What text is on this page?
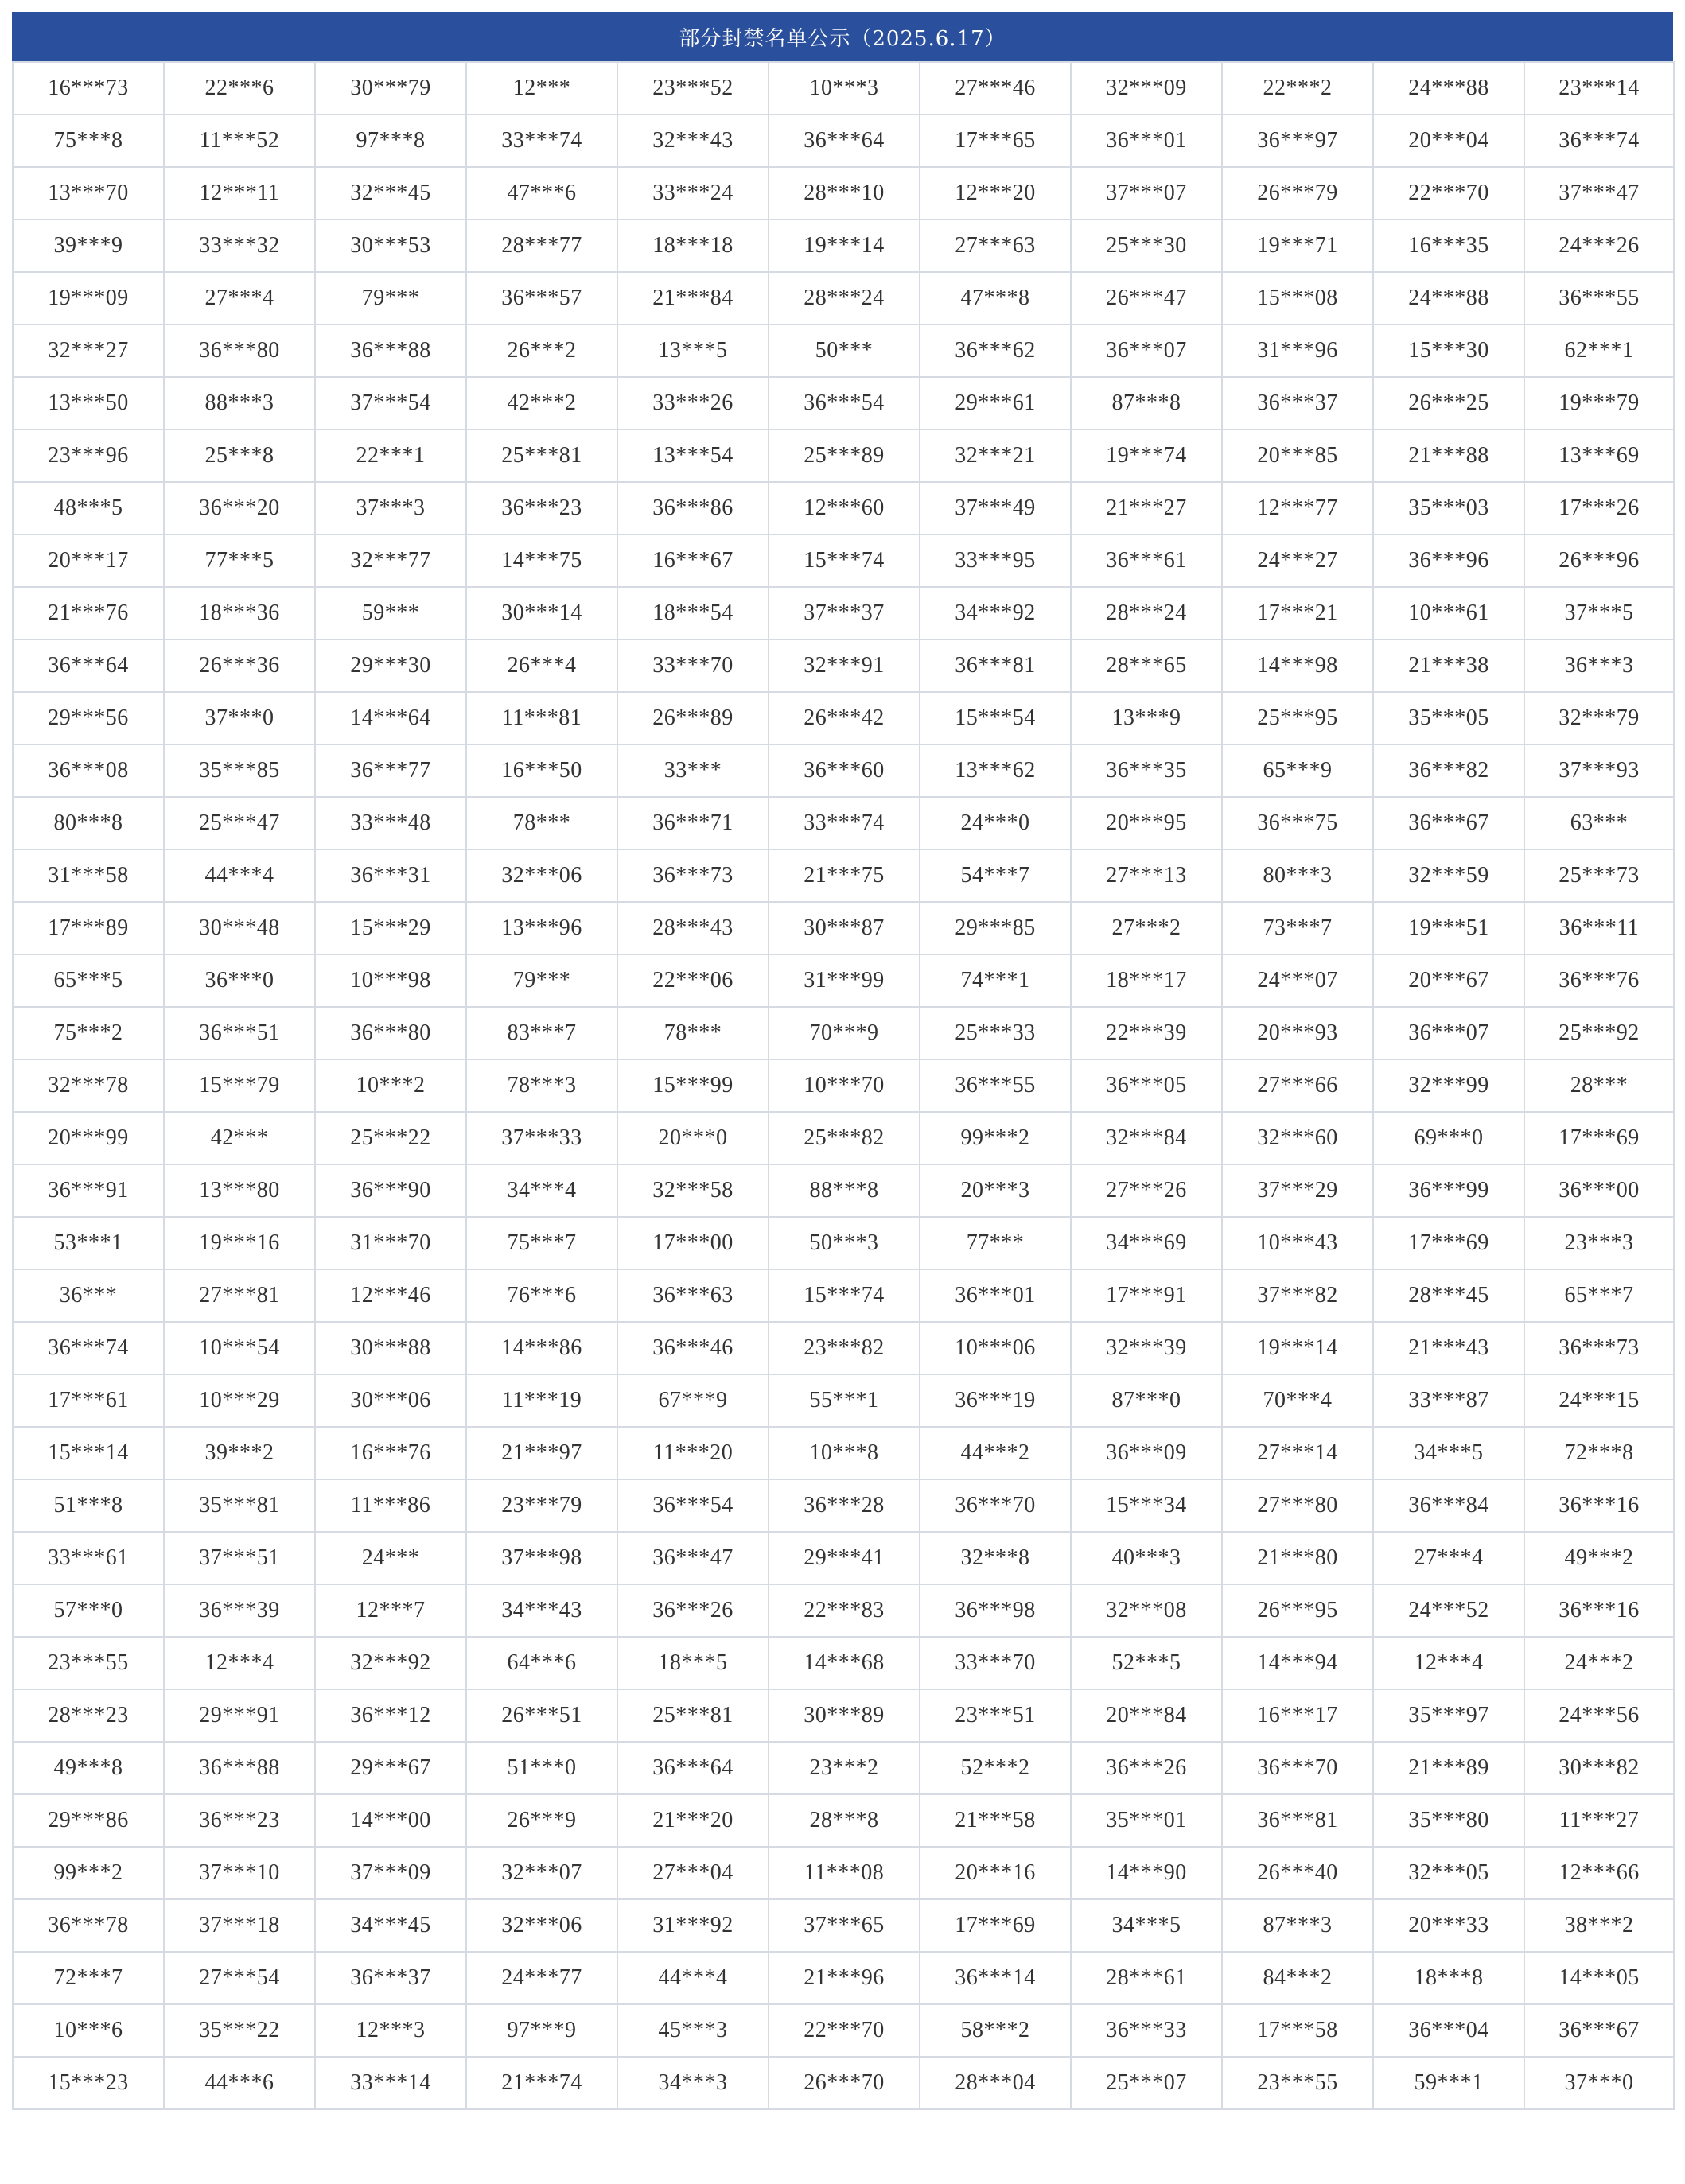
部分封禁名单公示（2025.6.17）
16***73	22***6	30***79	12***	23***52	10***3	27***46	32***09	22***2	24***88	23***14
75***8	11***52	97***8	33***74	32***43	36***64	17***65	36***01	36***97	20***04	36***74
13***70	12***11	32***45	47***6	33***24	28***10	12***20	37***07	26***79	22***70	37***47
39***9	33***32	30***53	28***77	18***18	19***14	27***63	25***30	19***71	16***35	24***26
19***09	27***4	79***	36***57	21***84	28***24	47***8	26***47	15***08	24***88	36***55
32***27	36***80	36***88	26***2	13***5	50***	36***62	36***07	31***96	15***30	62***1
13***50	88***3	37***54	42***2	33***26	36***54	29***61	87***8	36***37	26***25	19***79
23***96	25***8	22***1	25***81	13***54	25***89	32***21	19***74	20***85	21***88	13***69
48***5	36***20	37***3	36***23	36***86	12***60	37***49	21***27	12***77	35***03	17***26
20***17	77***5	32***77	14***75	16***67	15***74	33***95	36***61	24***27	36***96	26***96
21***76	18***36	59***	30***14	18***54	37***37	34***92	28***24	17***21	10***61	37***5
36***64	26***36	29***30	26***4	33***70	32***91	36***81	28***65	14***98	21***38	36***3
29***56	37***0	14***64	11***81	26***89	26***42	15***54	13***9	25***95	35***05	32***79
36***08	35***85	36***77	16***50	33***	36***60	13***62	36***35	65***9	36***82	37***93
80***8	25***47	33***48	78***	36***71	33***74	24***0	20***95	36***75	36***67	63***
31***58	44***4	36***31	32***06	36***73	21***75	54***7	27***13	80***3	32***59	25***73
17***89	30***48	15***29	13***96	28***43	30***87	29***85	27***2	73***7	19***51	36***11
65***5	36***0	10***98	79***	22***06	31***99	74***1	18***17	24***07	20***67	36***76
75***2	36***51	36***80	83***7	78***	70***9	25***33	22***39	20***93	36***07	25***92
32***78	15***79	10***2	78***3	15***99	10***70	36***55	36***05	27***66	32***99	28***
20***99	42***	25***22	37***33	20***0	25***82	99***2	32***84	32***60	69***0	17***69
36***91	13***80	36***90	34***4	32***58	88***8	20***3	27***26	37***29	36***99	36***00
53***1	19***16	31***70	75***7	17***00	50***3	77***	34***69	10***43	17***69	23***3
36***	27***81	12***46	76***6	36***63	15***74	36***01	17***91	37***82	28***45	65***7
36***74	10***54	30***88	14***86	36***46	23***82	10***06	32***39	19***14	21***43	36***73
17***61	10***29	30***06	11***19	67***9	55***1	36***19	87***0	70***4	33***87	24***15
15***14	39***2	16***76	21***97	11***20	10***8	44***2	36***09	27***14	34***5	72***8
51***8	35***81	11***86	23***79	36***54	36***28	36***70	15***34	27***80	36***84	36***16
33***61	37***51	24***	37***98	36***47	29***41	32***8	40***3	21***80	27***4	49***2
57***0	36***39	12***7	34***43	36***26	22***83	36***98	32***08	26***95	24***52	36***16
23***55	12***4	32***92	64***6	18***5	14***68	33***70	52***5	14***94	12***4	24***2
28***23	29***91	36***12	26***51	25***81	30***89	23***51	20***84	16***17	35***97	24***56
49***8	36***88	29***67	51***0	36***64	23***2	52***2	36***26	36***70	21***89	30***82
29***86	36***23	14***00	26***9	21***20	28***8	21***58	35***01	36***81	35***80	11***27
99***2	37***10	37***09	32***07	27***04	11***08	20***16	14***90	26***40	32***05	12***66
36***78	37***18	34***45	32***06	31***92	37***65	17***69	34***5	87***3	20***33	38***2
72***7	27***54	36***37	24***77	44***4	21***96	36***14	28***61	84***2	18***8	14***05
10***6	35***22	12***3	97***9	45***3	22***70	58***2	36***33	17***58	36***04	36***67
15***23	44***6	33***14	21***74	34***3	26***70	28***04	25***07	23***55	59***1	37***0
